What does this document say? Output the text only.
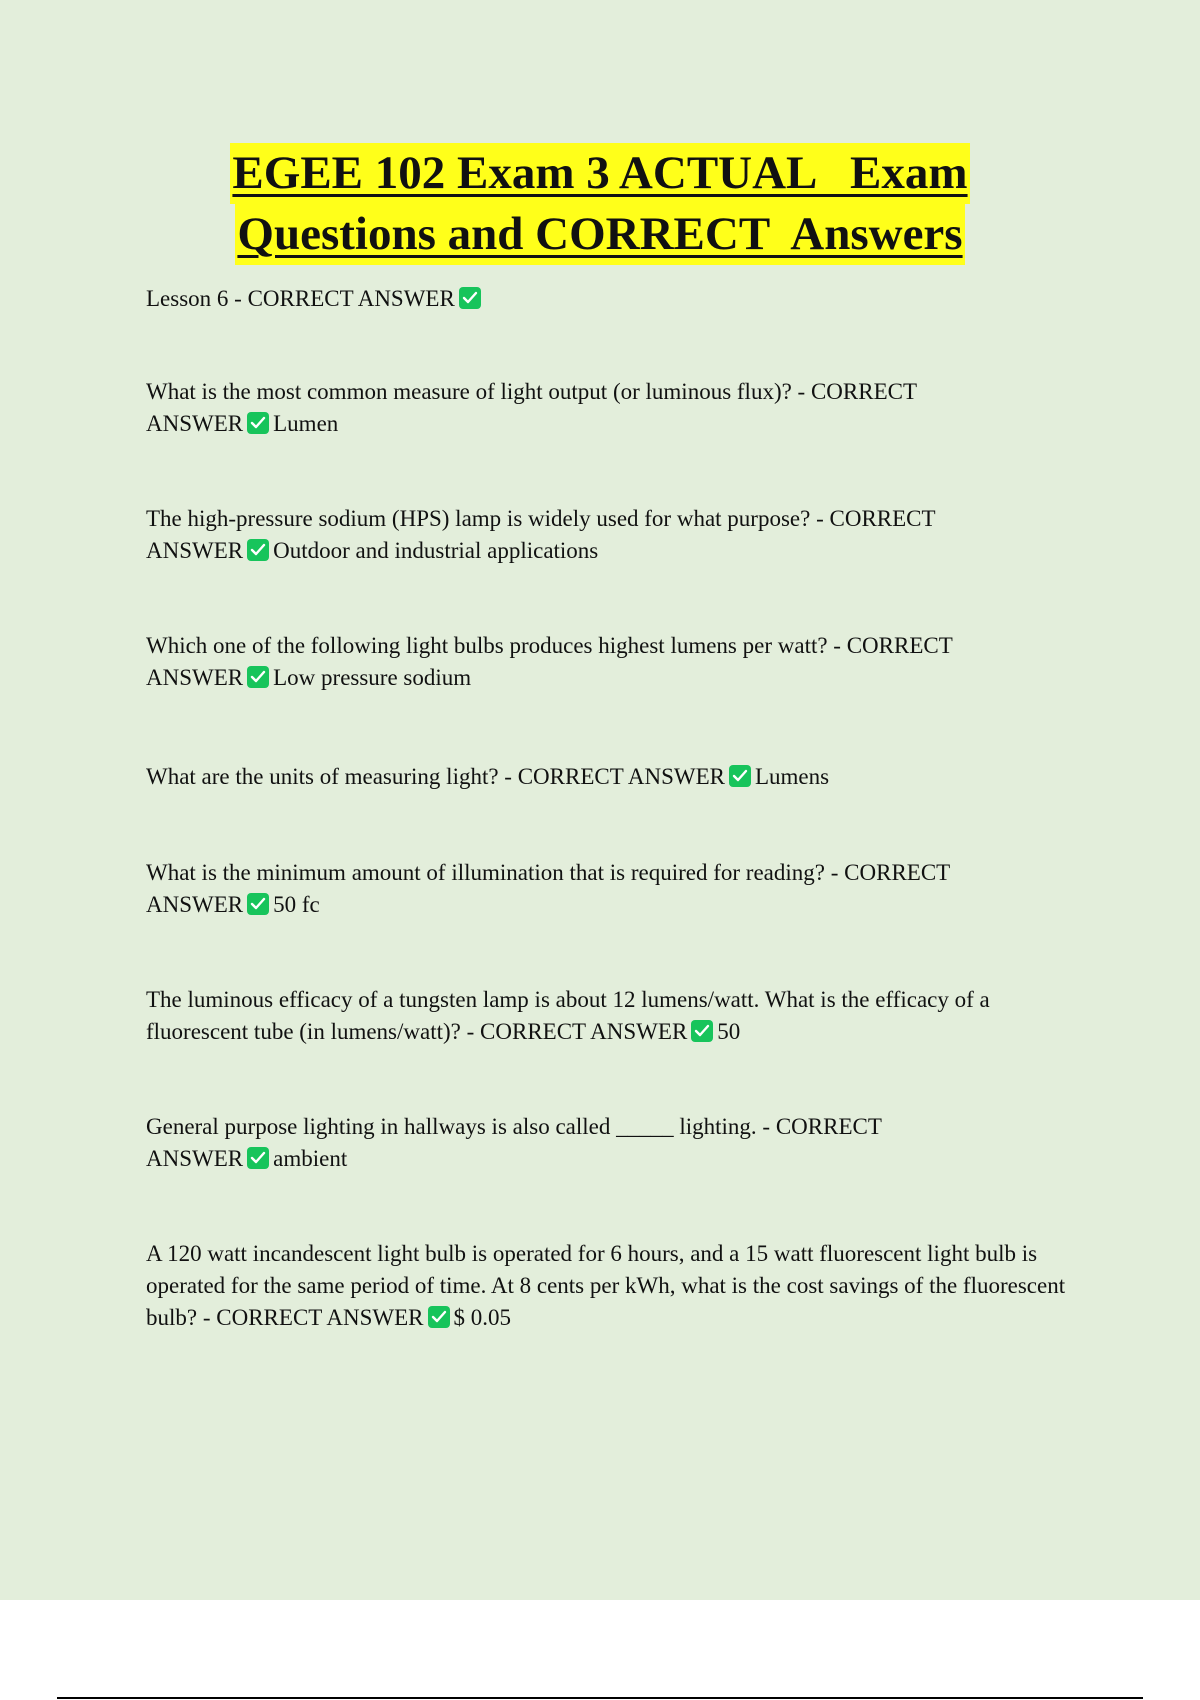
EGEE 102 Exam 3 ACTUAL   Exam
Questions and CORRECT  Answers
Lesson 6 - CORRECT ANSWER
What is the most common measure of light output (or luminous flux)? - CORRECT ANSWER Lumen
The high-pressure sodium (HPS) lamp is widely used for what purpose? - CORRECT ANSWER Outdoor and industrial applications
Which one of the following light bulbs produces highest lumens per watt? - CORRECT ANSWER Low pressure sodium
What are the units of measuring light? - CORRECT ANSWER Lumens
What is the minimum amount of illumination that is required for reading? - CORRECT ANSWER 50 fc
The luminous efficacy of a tungsten lamp is about 12 lumens/watt. What is the efficacy of a fluorescent tube (in lumens/watt)? - CORRECT ANSWER 50
General purpose lighting in hallways is also called _____ lighting. - CORRECT ANSWER ambient
A 120 watt incandescent light bulb is operated for 6 hours, and a 15 watt fluorescent light bulb is operated for the same period of time. At 8 cents per kWh, what is the cost savings of the fluorescent bulb? - CORRECT ANSWER $ 0.05
